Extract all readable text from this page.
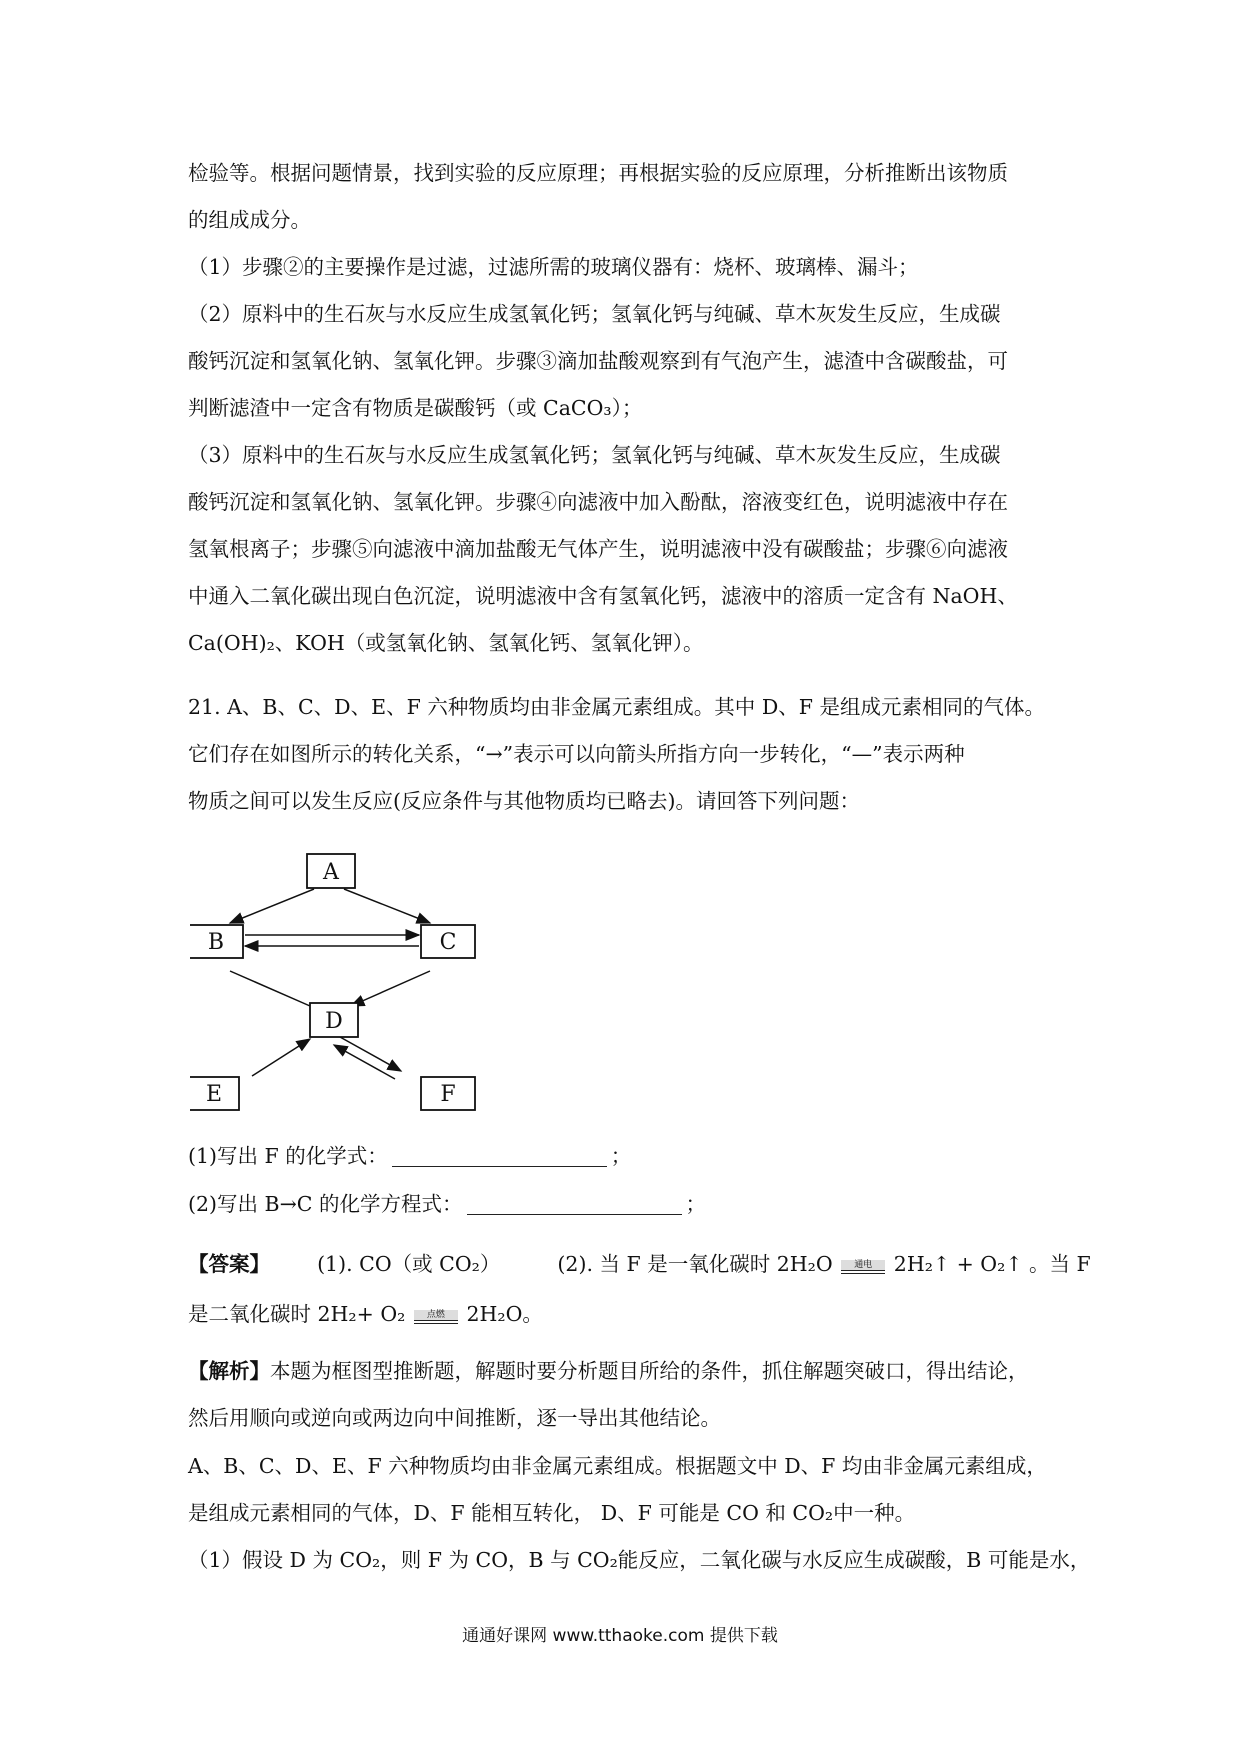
检验等。根据问题情景，找到实验的反应原理；再根据实验的反应原理，分析推断出该物质
的组成成分。
（1）步骤②的主要操作是过滤，过滤所需的玻璃仪器有：烧杯、玻璃棒、漏斗；
（2）原料中的生石灰与水反应生成氢氧化钙；氢氧化钙与纯碱、草木灰发生反应，生成碳
酸钙沉淀和氢氧化钠、氢氧化钾。步骤③滴加盐酸观察到有气泡产生，滤渣中含碳酸盐，可
判断滤渣中一定含有物质是碳酸钙（或 CaCO₃）；
（3）原料中的生石灰与水反应生成氢氧化钙；氢氧化钙与纯碱、草木灰发生反应，生成碳
酸钙沉淀和氢氧化钠、氢氧化钾。步骤④向滤液中加入酚酞，溶液变红色，说明滤液中存在
氢氧根离子；步骤⑤向滤液中滴加盐酸无气体产生，说明滤液中没有碳酸盐；步骤⑥向滤液
中通入二氧化碳出现白色沉淀，说明滤液中含有氢氧化钙，滤液中的溶质一定含有 NaOH、
Ca(OH)₂、KOH（或氢氧化钠、氢氧化钙、氢氧化钾）。
21. A、B、C、D、E、F 六种物质均由非金属元素组成。其中 D、F 是组成元素相同的气体。
它们存在如图所示的转化关系，“→”表示可以向箭头所指方向一步转化，“—”表示两种
物质之间可以发生反应(反应条件与其他物质均已略去)。请回答下列问题：
A
B	C
D
E	F
(1)写出 F 的化学式：	；
(2)写出 B→C 的化学方程式：	；
【答案】 (1). CO（或 CO₂）	(2). 当 F 是一氧化碳时 2H₂O	通电	2H₂↑ + O₂↑ 。当 F
是二氧化碳时 2H₂+ O₂	点燃	2H₂O。
【解析】本题为框图型推断题，解题时要分析题目所给的条件，抓住解题突破口，得出结论，
然后用顺向或逆向或两边向中间推断，逐一导出其他结论。
A、B、C、D、E、F 六种物质均由非金属元素组成。根据题文中 D、F 均由非金属元素组成，
是组成元素相同的气体，D、F 能相互转化， D、F 可能是 CO 和 CO₂中一种。
（1）假设 D 为 CO₂，则 F 为 CO，B 与 CO₂能反应，二氧化碳与水反应生成碳酸，B 可能是水，
通通好课网 www.tthaoke.com 提供下载
